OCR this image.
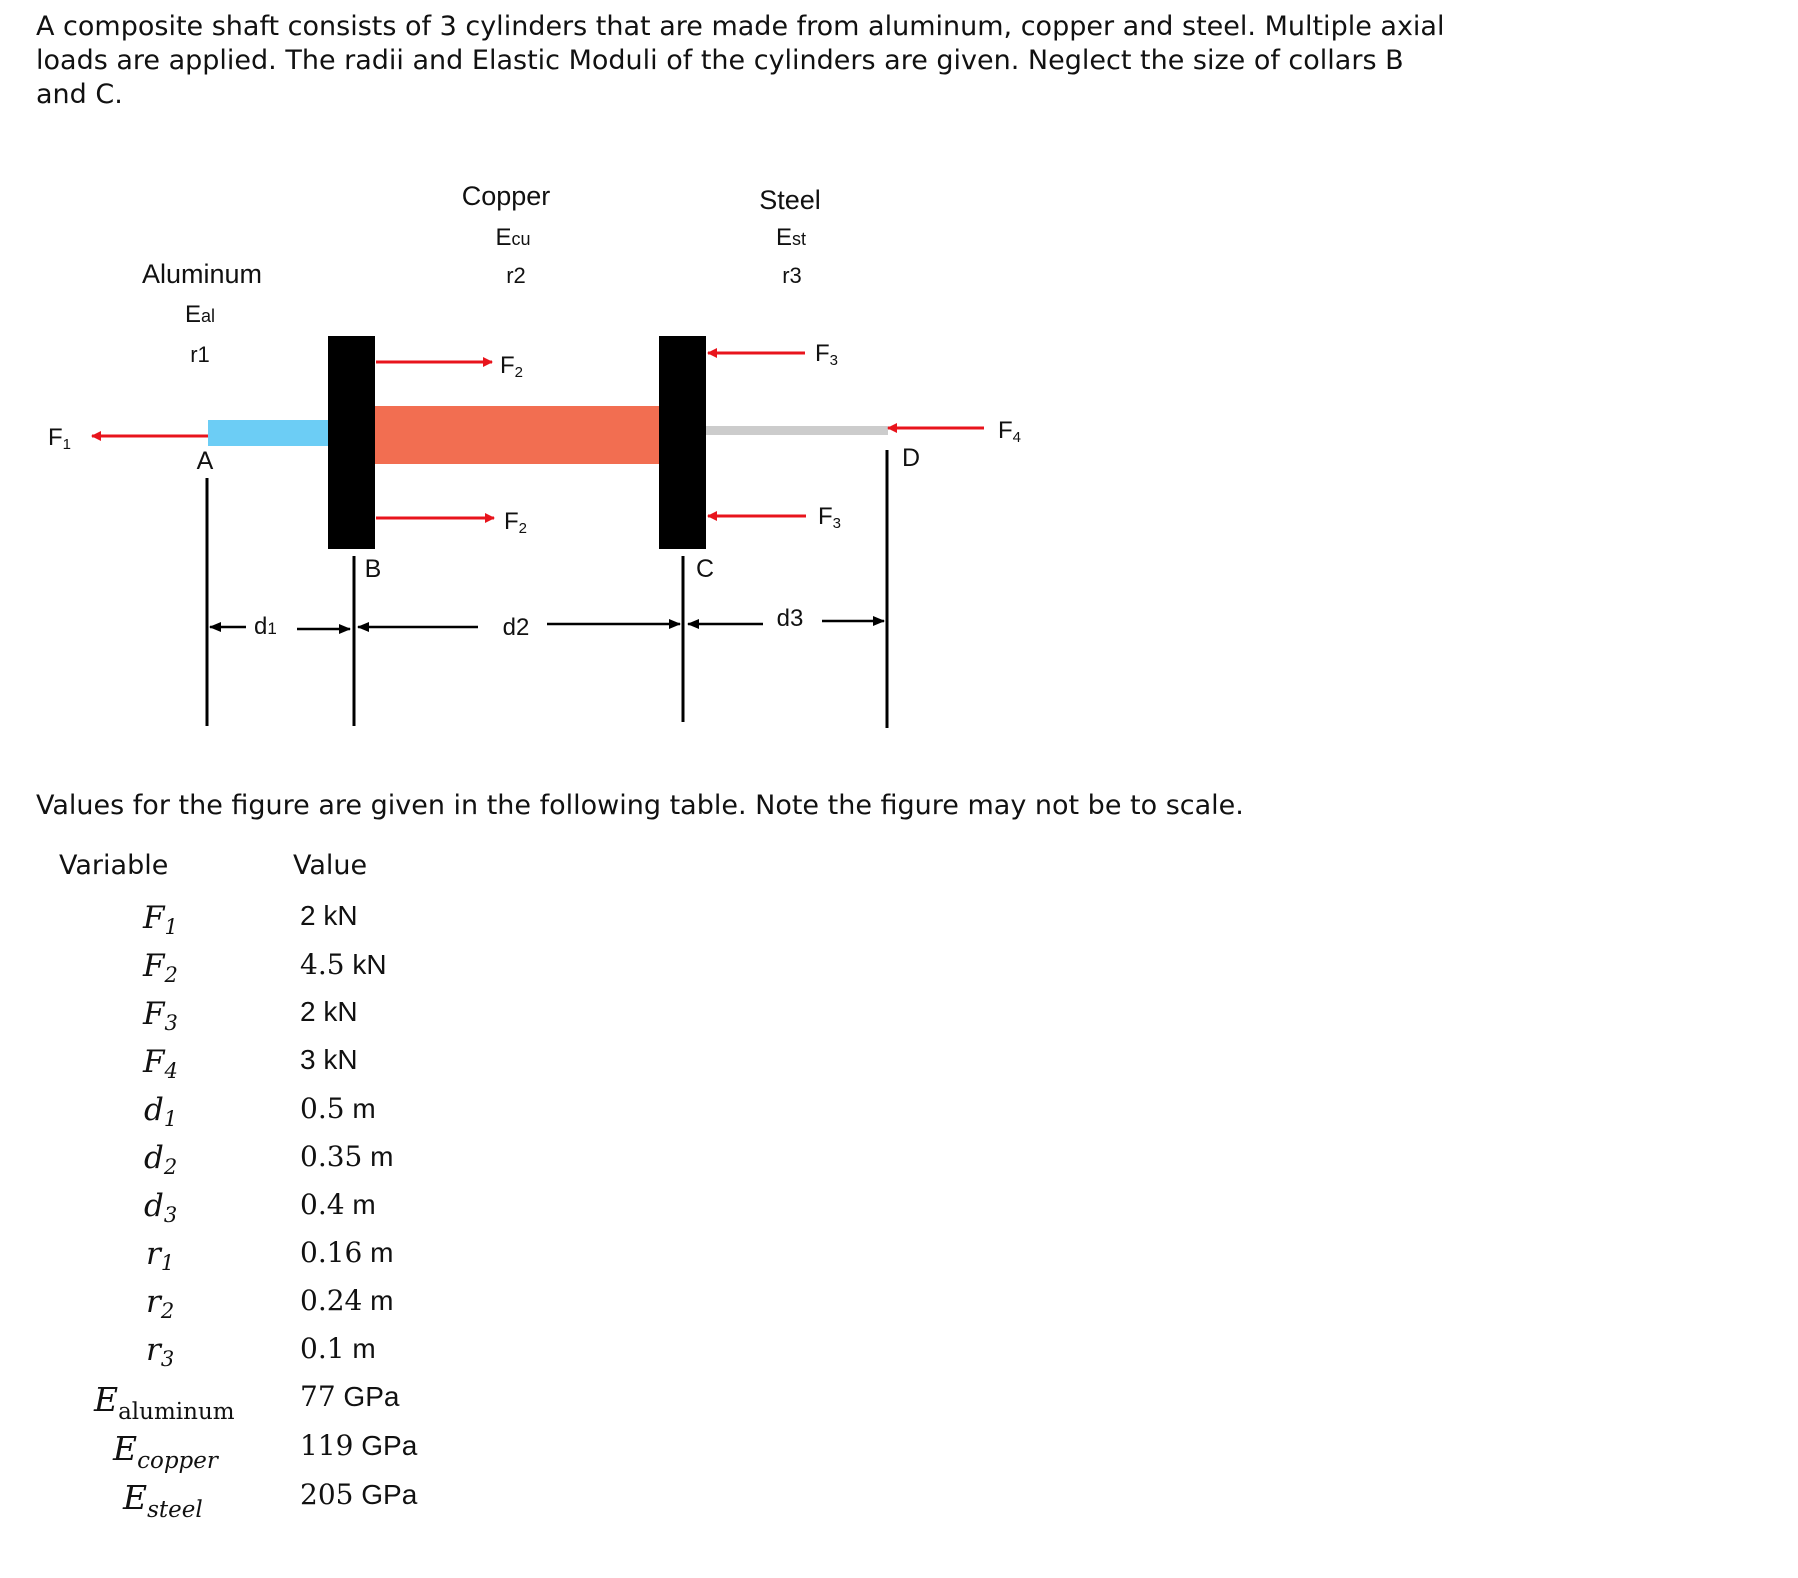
A composite shaft consists of 3 cylinders that are made from aluminum, copper and steel. Multiple axial loads are applied. The radii and Elastic Moduli of the cylinders are given. Neglect the size of collars B and C.
Aluminum
Eal
r1
Copper
Ecu
r2
Steel
Est
r3
F1
F2
F2
F3
F3
F4
A
B	C
D
d1	d2	d3
Values for the figure are given in the following table. Note the figure may not be to scale.
Variable	Value
$F_1$	2 kN
$F_2$	4.5 kN
$F_3$	2 kN
$F_4$	3 kN
$d_1$	0.5 m
$d_2$	0.35 m
$d_3$	0.4 m
$r_1$	0.16 m
$r_2$	0.24 m
$r_3$	0.1 m
$E_{aluminum}$ 77 GPa
$E_{copper}$	119 GPa
$E_{steel}$	205 GPa
